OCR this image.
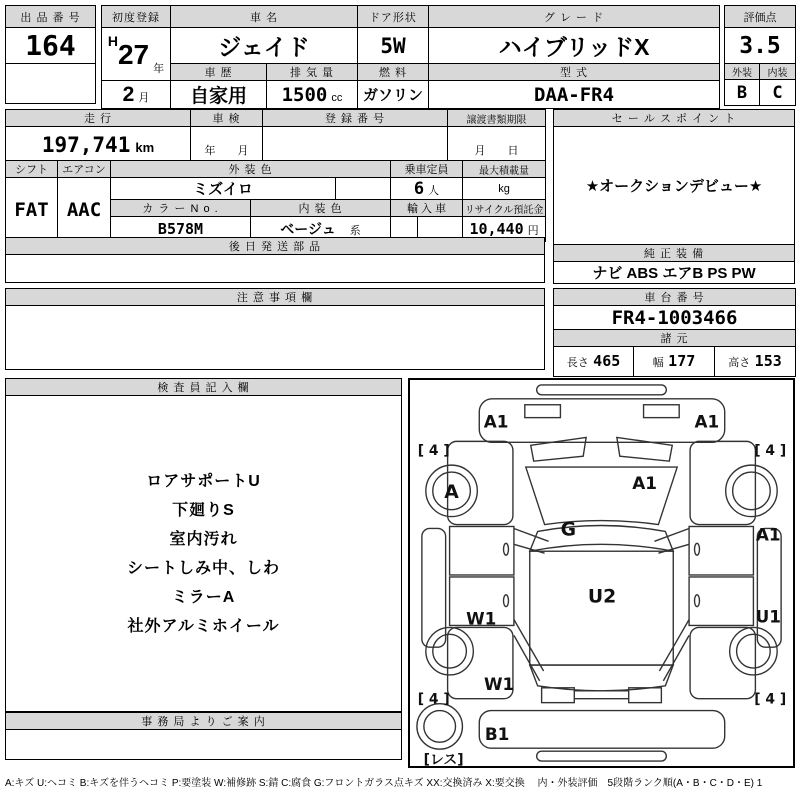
出 品 番 号
164

初度登録	車 名		ドア形状	グ レ ー ド
H27 $_年$	ジェイド		5W	ハイブリッドX
	車 歴	排 気 量	燃 料	型 式
2 月	自家用	1500 cc	ガソリン	DAA-FR4
評価点	
3.5	
外装	内装
B	C
走 行	車 検	登 録 番 号	譲渡書類期限
197,741 km	年　　月		月　　日
シフト	エアコン	外 装 色			乗車定員	最大積載量
FAT	AAC	ミズイロ			6 人	kg
		カ ラ ー N o .	内 装 色		輸 入 車	リサイクル預託金
		B578M	ベージュ 系			10,440 円
後 日 発 送 部 品

セ ー ル ス ポ イ ン ト
★オークションデビュー★
純 正 装 備
ナビ ABS エアB PS PW
注 意 事 項 欄	車 台 番 号
FR4-1003466
諸 元
長さ 465	幅 177	高さ 153
検 査 員 記 入 欄

ロアサポートU
下廻りS
室内汚れ
シートしみ中、しわ
ミラーA
社外アルミホイール
事 務 局 よ り ご 案 内

A1	A1
[ 4 ]	[ 4 ]
A	A1
G	A1
W1
U2
U1
W1
[ 4 ]	[ 4 ]
B1
[レス]
A:キズ U:ヘコミ B:キズを伴うヘコミ P:要塗装 W:補修跡 S:錆 C:腐食 G:フロントガラス点キズ XX:交換済み X:要交換　 内・外装評価　5段階ランク順(A・B・C・D・E) 1
